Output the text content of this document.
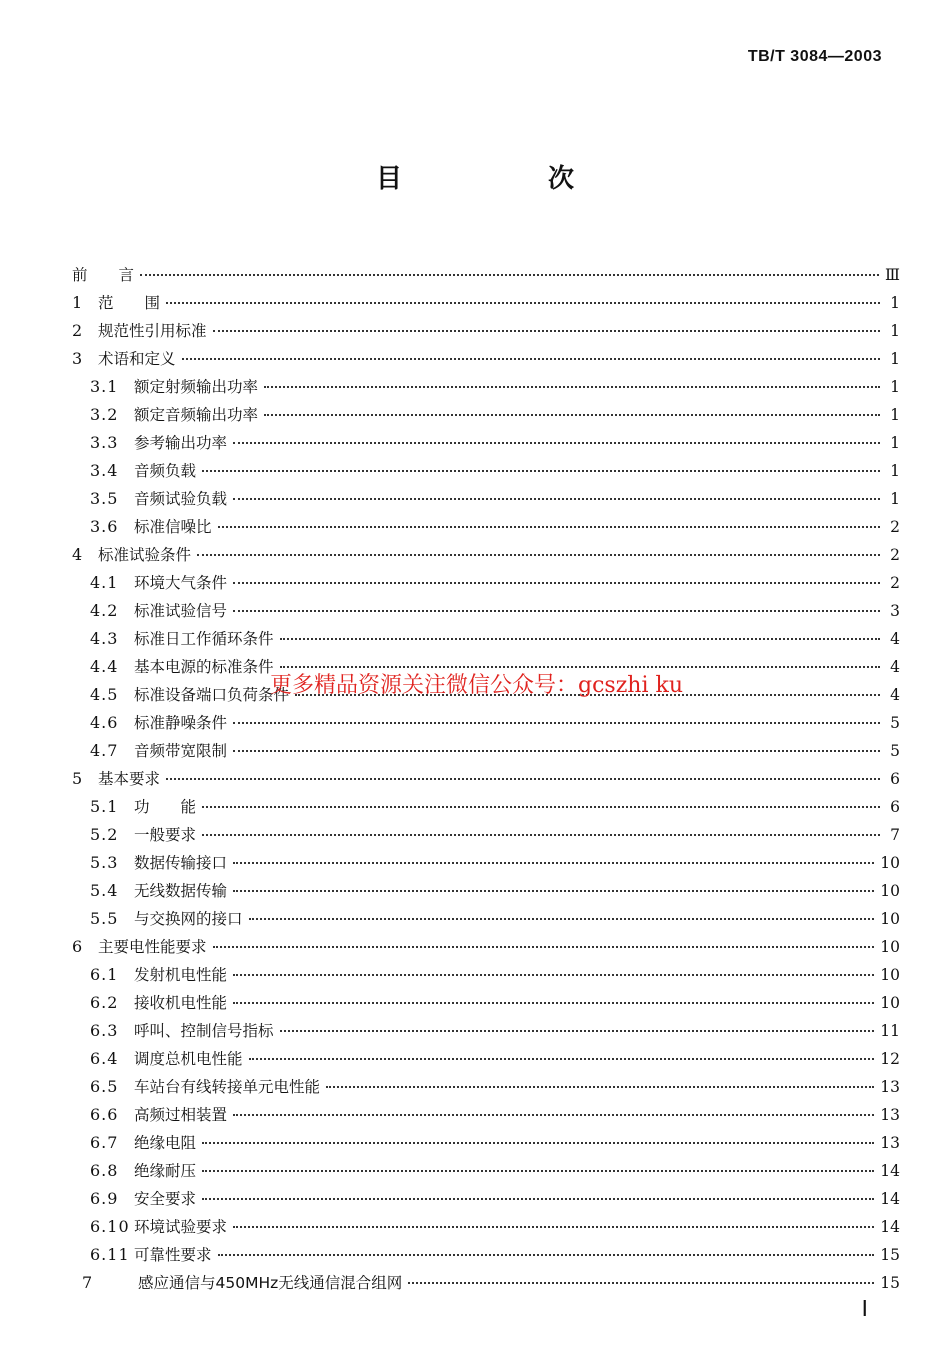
TB/T 3084—2003
目　次
前　　言	Ⅲ
1	范　　围	1
2	规范性引用标准	1
3	术语和定义	1
3.1	额定射频输出功率	1
3.2	额定音频输出功率	1
3.3	参考输出功率	1
3.4	音频负载	1
3.5	音频试验负载	1
3.6	标准信噪比	2
4	标准试验条件	2
4.1	环境大气条件	2
4.2	标准试验信号	3
4.3	标准日工作循环条件	4
4.4	基本电源的标准条件	4
4.5	标准设备端口负荷条件	4
4.6	标准静噪条件	5
4.7	音频带宽限制	5
5	基本要求	6
5.1	功　　能	6
5.2	一般要求	7
5.3	数据传输接口	10
5.4	无线数据传输	10
5.5	与交换网的接口	10
6	主要电性能要求	10
6.1	发射机电性能	10
6.2	接收机电性能	10
6.3	呼叫、控制信号指标	11
6.4	调度总机电性能	12
6.5	车站台有线转接单元电性能	13
6.6	高频过相装置	13
6.7	绝缘电阻	13
6.8	绝缘耐压	14
6.9	安全要求	14
6.10 环境试验要求	14
6.11 可靠性要求	15
7	感应通信与450MHz无线通信混合组网	15
更多精品资源关注微信公众号：gcszhi ku
Ⅰ
